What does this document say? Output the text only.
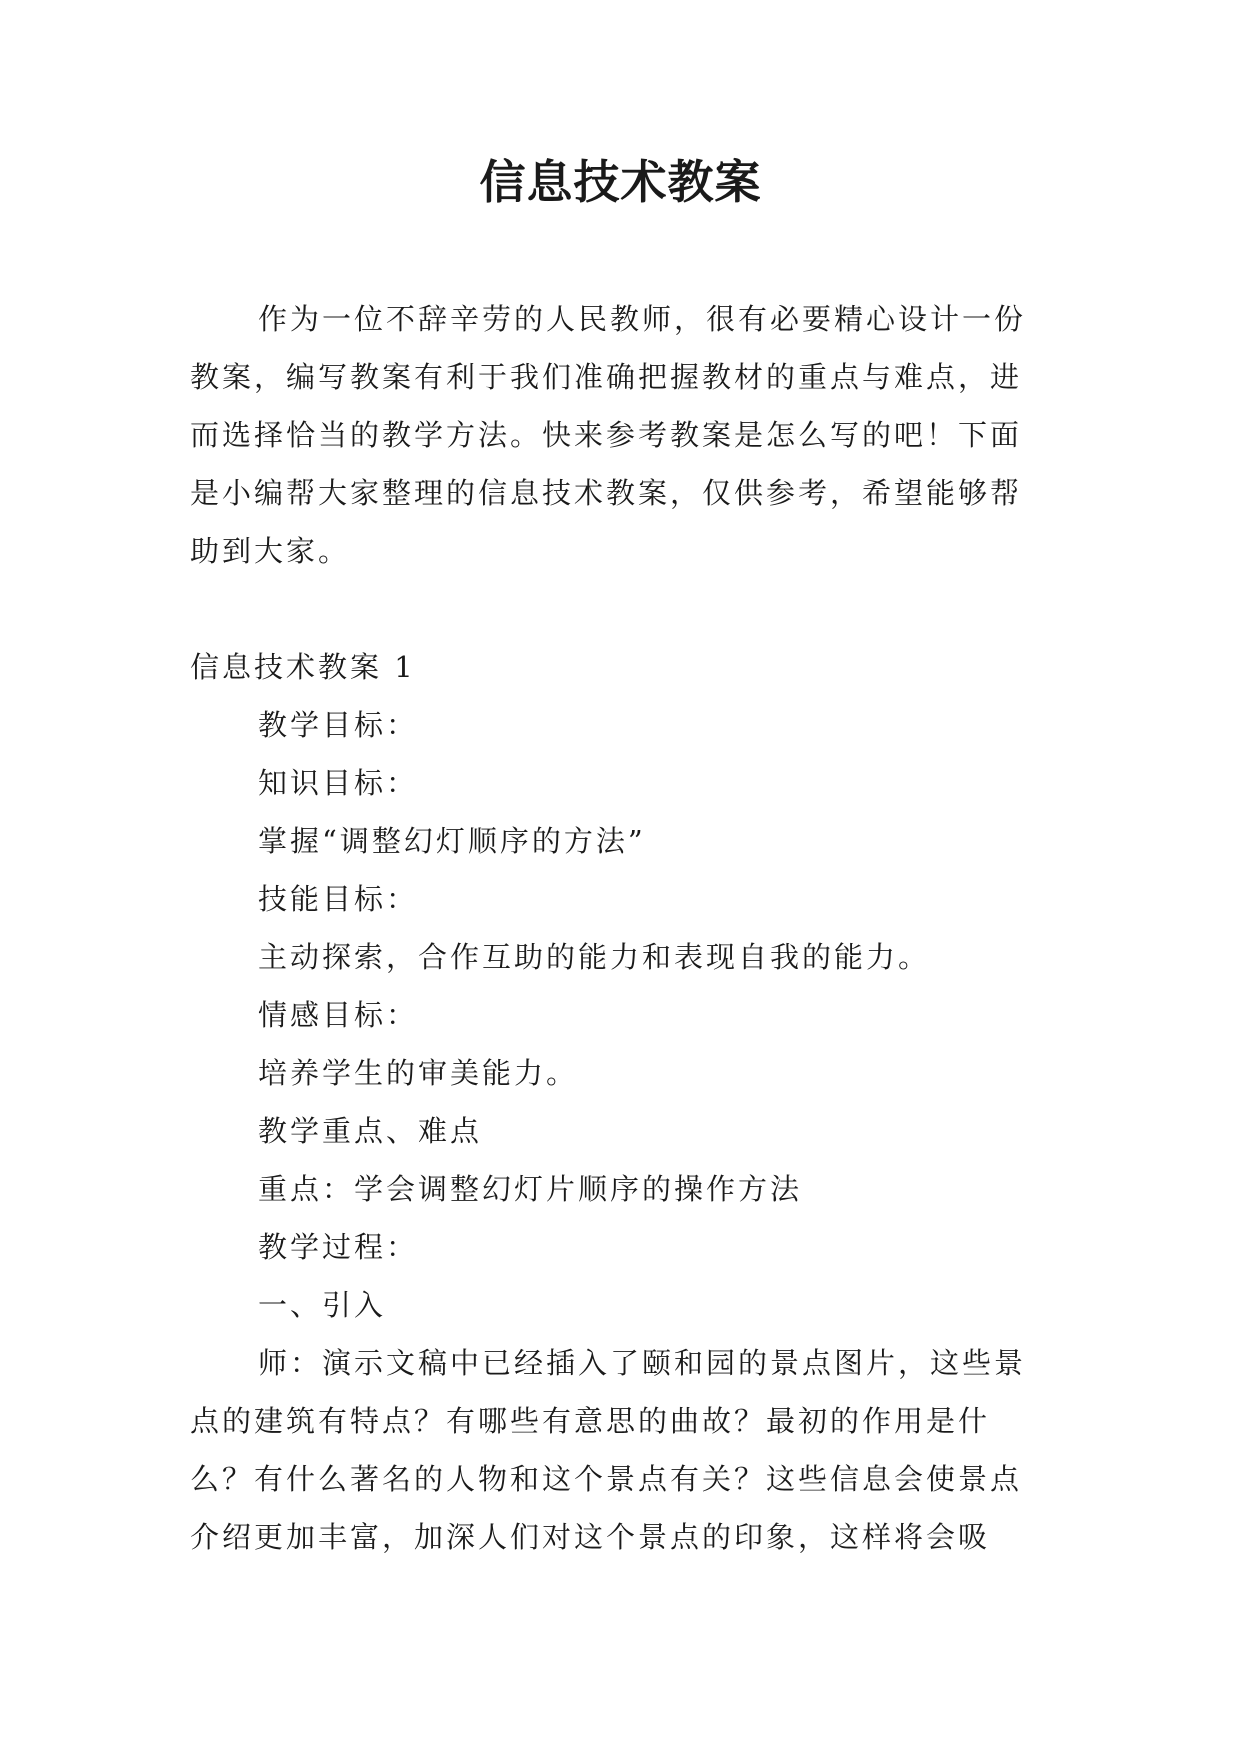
信息技术教案

作为一位不辞辛劳的人民教师，很有必要精心设计一份教案，编写教案有利于我们准确把握教材的重点与难点，进而选择恰当的教学方法。快来参考教案是怎么写的吧！下面是小编帮大家整理的信息技术教案，仅供参考，希望能够帮助到大家。

信息技术教案 1

教学目标：

知识目标：

掌握“调整幻灯顺序的方法”

技能目标：

主动探索，合作互助的能力和表现自我的能力。

情感目标：

培养学生的审美能力。

教学重点、难点

重点：学会调整幻灯片顺序的操作方法

教学过程：

一、引入

师：演示文稿中已经插入了颐和园的景点图片，这些景点的建筑有特点？有哪些有意思的曲故？最初的作用是什么？有什么著名的人物和这个景点有关？这些信息会使景点介绍更加丰富，加深人们对这个景点的印象，这样将会吸
